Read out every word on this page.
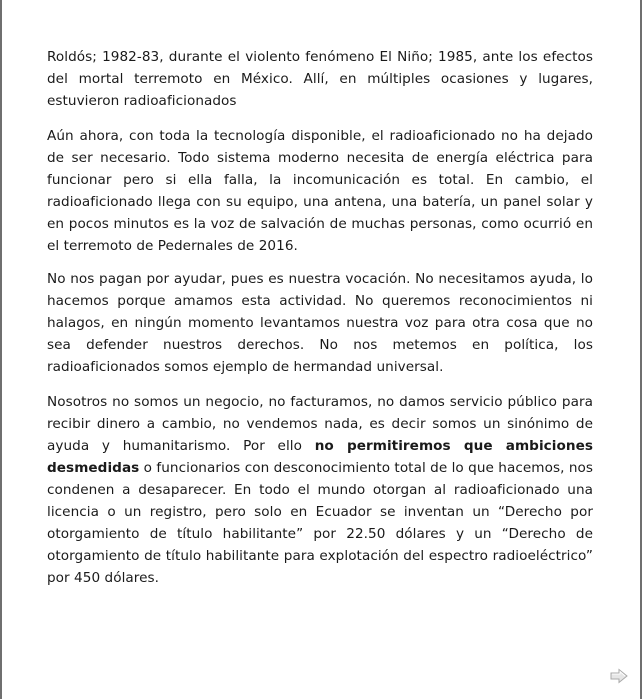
Roldós; 1982-83, durante el violento fenómeno El Niño; 1985, ante los efectos del mortal terremoto en México. Allí, en múltiples ocasiones y lugares, estuvieron radioaficionados

Aún ahora, con toda la tecnología disponible, el radioaficionado no ha dejado de ser necesario. Todo sistema moderno necesita de energía eléctrica para funcionar pero si ella falla, la incomunicación es total. En cambio, el radioaficionado llega con su equipo, una antena, una batería, un panel solar y en pocos minutos es la voz de salvación de muchas personas, como ocurrió en el terremoto de Pedernales de 2016.

No nos pagan por ayudar, pues es nuestra vocación. No necesitamos ayuda, lo hacemos porque amamos esta actividad. No queremos reconocimientos ni halagos, en ningún momento levantamos nuestra voz para otra cosa que no sea defender nuestros derechos. No nos metemos en política, los radioaficionados somos ejemplo de hermandad universal.

Nosotros no somos un negocio, no facturamos, no damos servicio público para recibir dinero a cambio, no vendemos nada, es decir somos un sinónimo de ayuda y humanitarismo. Por ello no permitiremos que ambiciones desmedidas o funcionarios con desconocimiento total de lo que hacemos, nos condenen a desaparecer. En todo el mundo otorgan al radioaficionado una licencia o un registro, pero solo en Ecuador se inventan un “Derecho por otorgamiento de título habilitante” por 22.50 dólares y un “Derecho de otorgamiento de título habilitante para explotación del espectro radioeléctrico” por 450 dólares.
